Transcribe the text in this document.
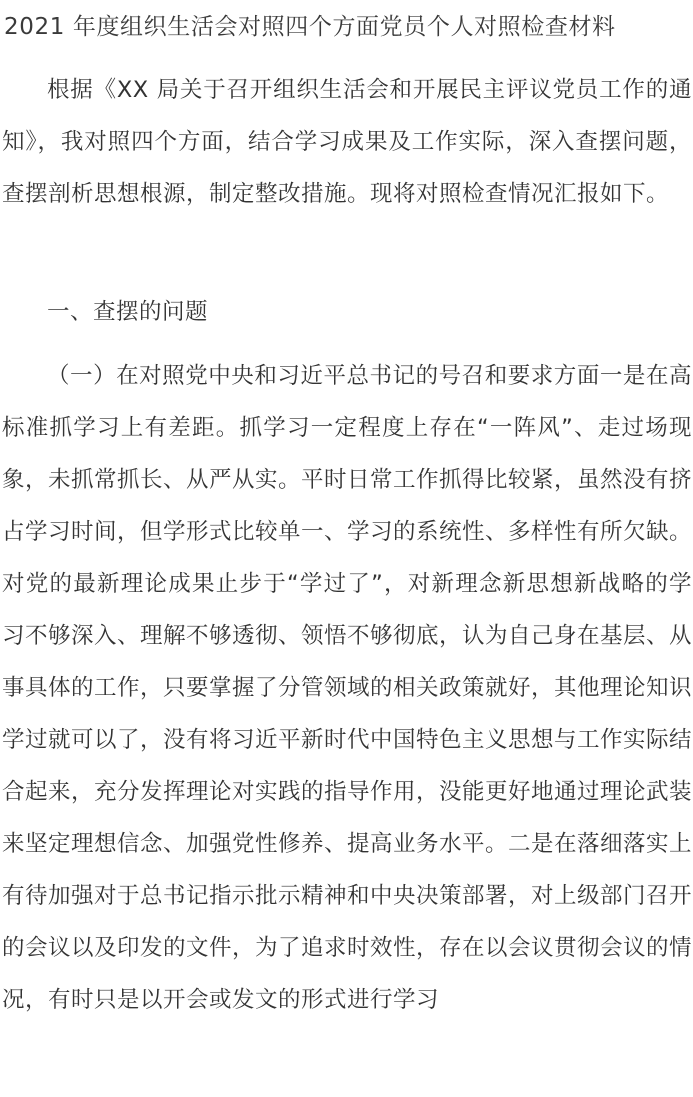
2021 年度组织生活会对照四个方面党员个人对照检查材料

根据《XX 局关于召开组织生活会和开展民主评议党员工作的通知》，我对照四个方面，结合学习成果及工作实际，深入查摆问题，查摆剖析思想根源，制定整改措施。现将对照检查情况汇报如下。

一、查摆的问题

（一）在对照党中央和习近平总书记的号召和要求方面一是在高标准抓学习上有差距。抓学习一定程度上存在“一阵风”、走过场现象，未抓常抓长、从严从实。平时日常工作抓得比较紧，虽然没有挤占学习时间，但学形式比较单一、学习的系统性、多样性有所欠缺。对党的最新理论成果止步于“学过了”，对新理念新思想新战略的学习不够深入、理解不够透彻、领悟不够彻底，认为自己身在基层、从事具体的工作，只要掌握了分管领域的相关政策就好，其他理论知识学过就可以了，没有将习近平新时代中国特色主义思想与工作实际结合起来，充分发挥理论对实践的指导作用，没能更好地通过理论武装来坚定理想信念、加强党性修养、提高业务水平。二是在落细落实上有待加强对于总书记指示批示精神和中央决策部署，对上级部门召开的会议以及印发的文件，为了追求时效性，存在以会议贯彻会议的情况，有时只是以开会或发文的形式进行学习
